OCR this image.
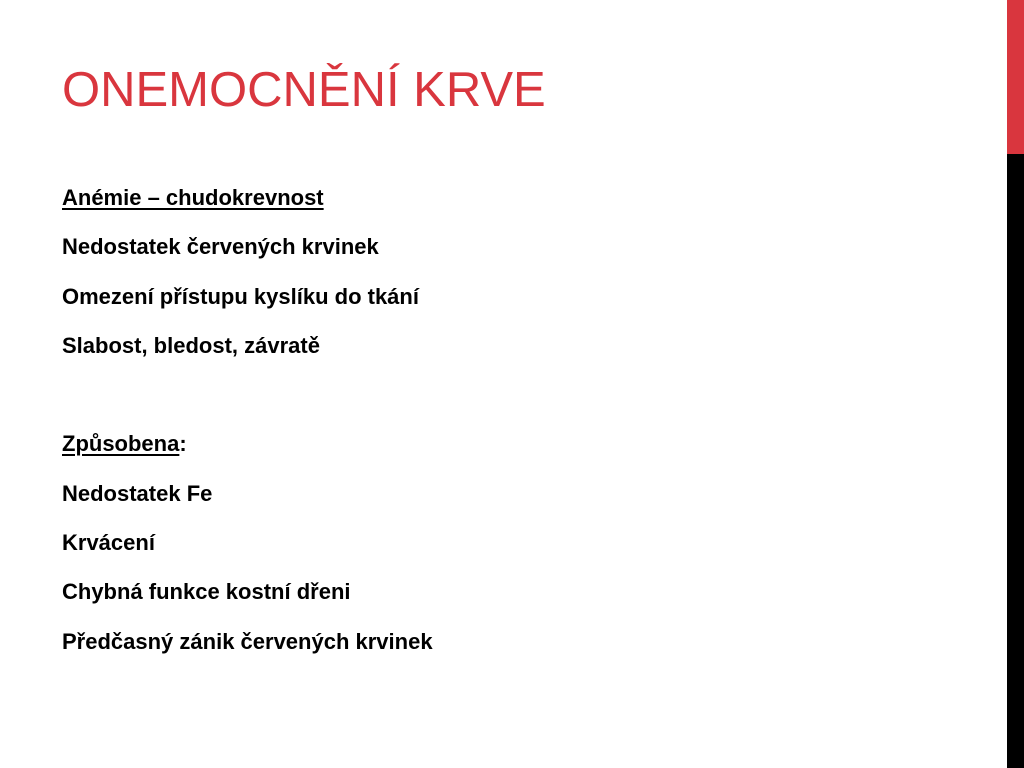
ONEMOCNĚNÍ KRVE
Anémie – chudokrevnost
Nedostatek červených krvinek
Omezení přístupu kyslíku do tkání
Slabost, bledost, závratě
Způsobena:
Nedostatek Fe
Krvácení
Chybná funkce kostní dřeni
Předčasný zánik červených krvinek
